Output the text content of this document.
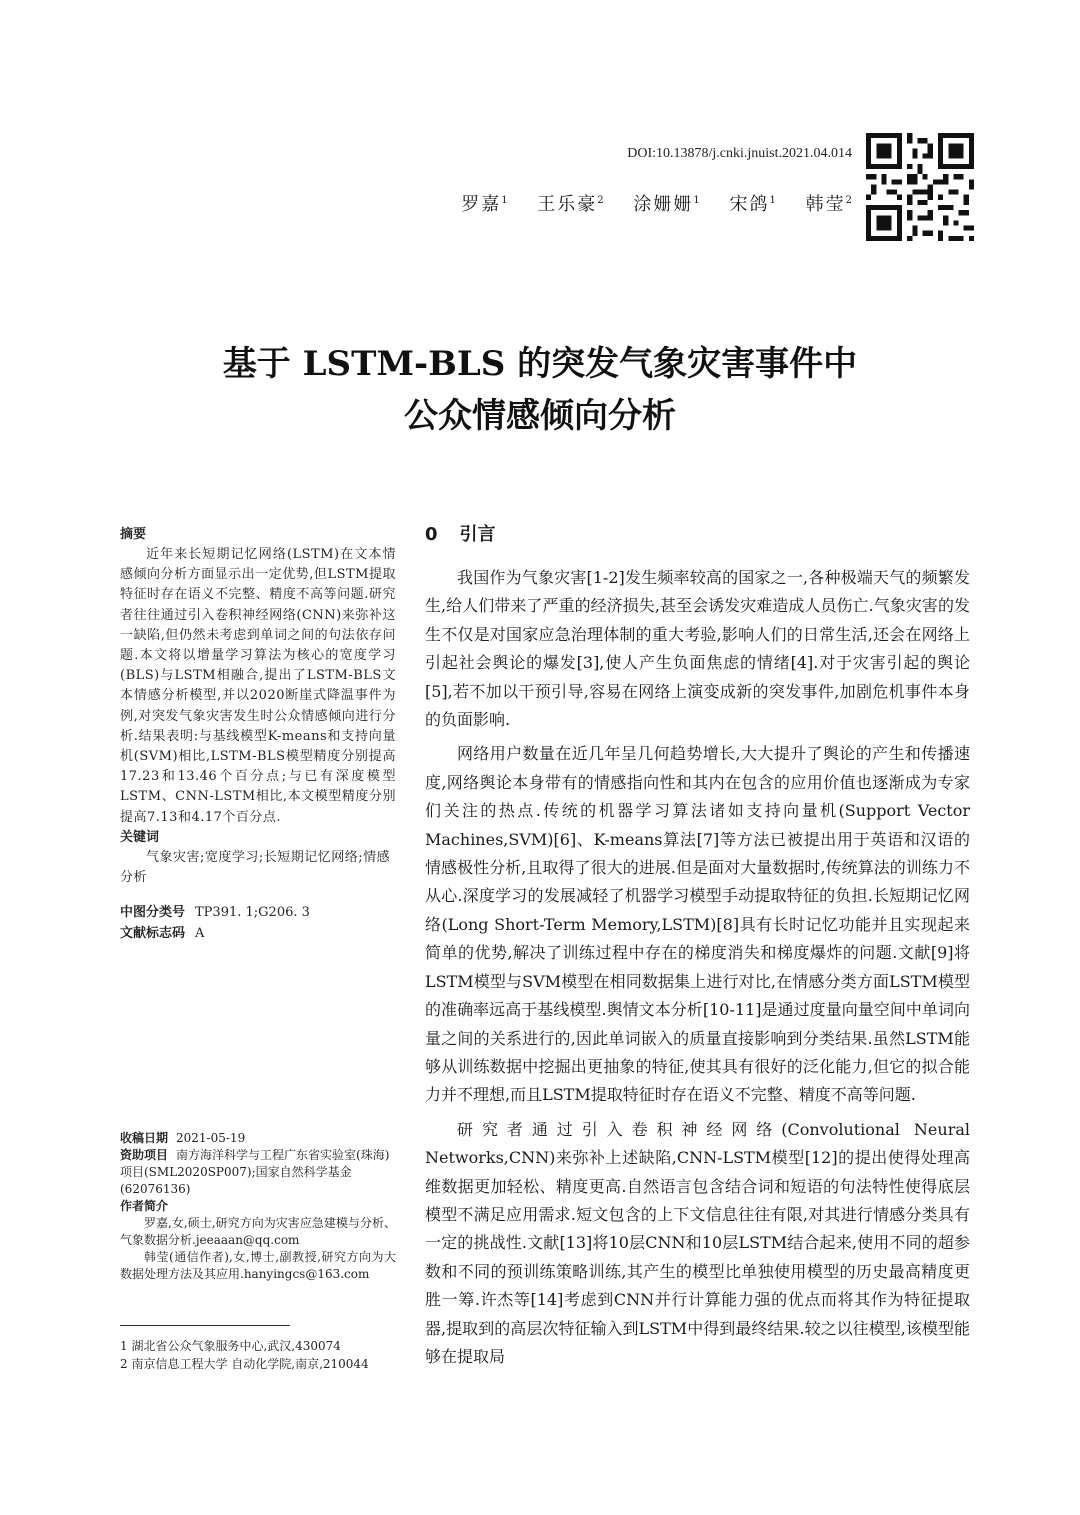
DOI:10.13878/j.cnki.jnuist.2021.04.014
罗嘉$^1$ 王乐豪$^2$ 涂姗姗$^1$ 宋鸽$^1$ 韩莹$^2$
基于 LSTM-BLS 的突发气象灾害事件中
公众情感倾向分析

摘要

近年来长短期记忆网络(LSTM)在文本情感倾向分析方面显示出一定优势,但LSTM提取特征时存在语义不完整、精度不高等问题.研究者往往通过引入卷积神经网络(CNN)来弥补这一缺陷,但仍然未考虑到单词之间的句法依存问题.本文将以增量学习算法为核心的宽度学习(BLS)与LSTM相融合,提出了LSTM-BLS文本情感分析模型,并以2020断崖式降温事件为例,对突发气象灾害发生时公众情感倾向进行分析.结果表明:与基线模型K-means和支持向量机(SVM)相比,LSTM-BLS模型精度分别提高17.23和13.46个百分点;与已有深度模型LSTM、CNN-LSTM相比,本文模型精度分别提高7.13和4.17个百分点.

关键词

气象灾害;宽度学习;长短期记忆网络;情感分析

中图分类号 TP391. 1;G206. 3
文献标志码 A

收稿日期 2021-05-19

资助项目 南方海洋科学与工程广东省实验室(珠海)项目(SML2020SP007);国家自然科学基金(62076136)

作者简介

罗嘉,女,硕士,研究方向为灾害应急建模与分析、气象数据分析.jeeaaan@qq.com

韩莹(通信作者),女,博士,副教授,研究方向为大数据处理方法及其应用.hanyingcs@163.com

1 湖北省公众气象服务中心,武汉,430074

2 南京信息工程大学 自动化学院,南京,210044

0 引言

我国作为气象灾害[1-2]发生频率较高的国家之一,各种极端天气的频繁发生,给人们带来了严重的经济损失,甚至会诱发灾难造成人员伤亡.气象灾害的发生不仅是对国家应急治理体制的重大考验,影响人们的日常生活,还会在网络上引起社会舆论的爆发[3],使人产生负面焦虑的情绪[4].对于灾害引起的舆论[5],若不加以干预引导,容易在网络上演变成新的突发事件,加剧危机事件本身的负面影响.

网络用户数量在近几年呈几何趋势增长,大大提升了舆论的产生和传播速度,网络舆论本身带有的情感指向性和其内在包含的应用价值也逐渐成为专家们关注的热点.传统的机器学习算法诸如支持向量机(Support Vector Machines,SVM)[6]、K-means算法[7]等方法已被提出用于英语和汉语的情感极性分析,且取得了很大的进展.但是面对大量数据时,传统算法的训练力不从心.深度学习的发展减轻了机器学习模型手动提取特征的负担.长短期记忆网络(Long Short-Term Memory,LSTM)[8]具有长时记忆功能并且实现起来简单的优势,解决了训练过程中存在的梯度消失和梯度爆炸的问题.文献[9]将LSTM模型与SVM模型在相同数据集上进行对比,在情感分类方面LSTM模型的准确率远高于基线模型.舆情文本分析[10-11]是通过度量向量空间中单词向量之间的关系进行的,因此单词嵌入的质量直接影响到分类结果.虽然LSTM能够从训练数据中挖掘出更抽象的特征,使其具有很好的泛化能力,但它的拟合能力并不理想,而且LSTM提取特征时存在语义不完整、精度不高等问题.

研究者通过引入卷积神经网络(Convolutional Neural Networks,CNN)来弥补上述缺陷,CNN-LSTM模型[12]的提出使得处理高维数据更加轻松、精度更高.自然语言包含结合词和短语的句法特性使得底层模型不满足应用需求.短文包含的上下文信息往往有限,对其进行情感分类具有一定的挑战性.文献[13]将10层CNN和10层LSTM结合起来,使用不同的超参数和不同的预训练策略训练,其产生的模型比单独使用模型的历史最高精度更胜一筹.许杰等[14]考虑到CNN并行计算能力强的优点而将其作为特征提取器,提取到的高层次特征输入到LSTM中得到最终结果.较之以往模型,该模型能够在提取局
